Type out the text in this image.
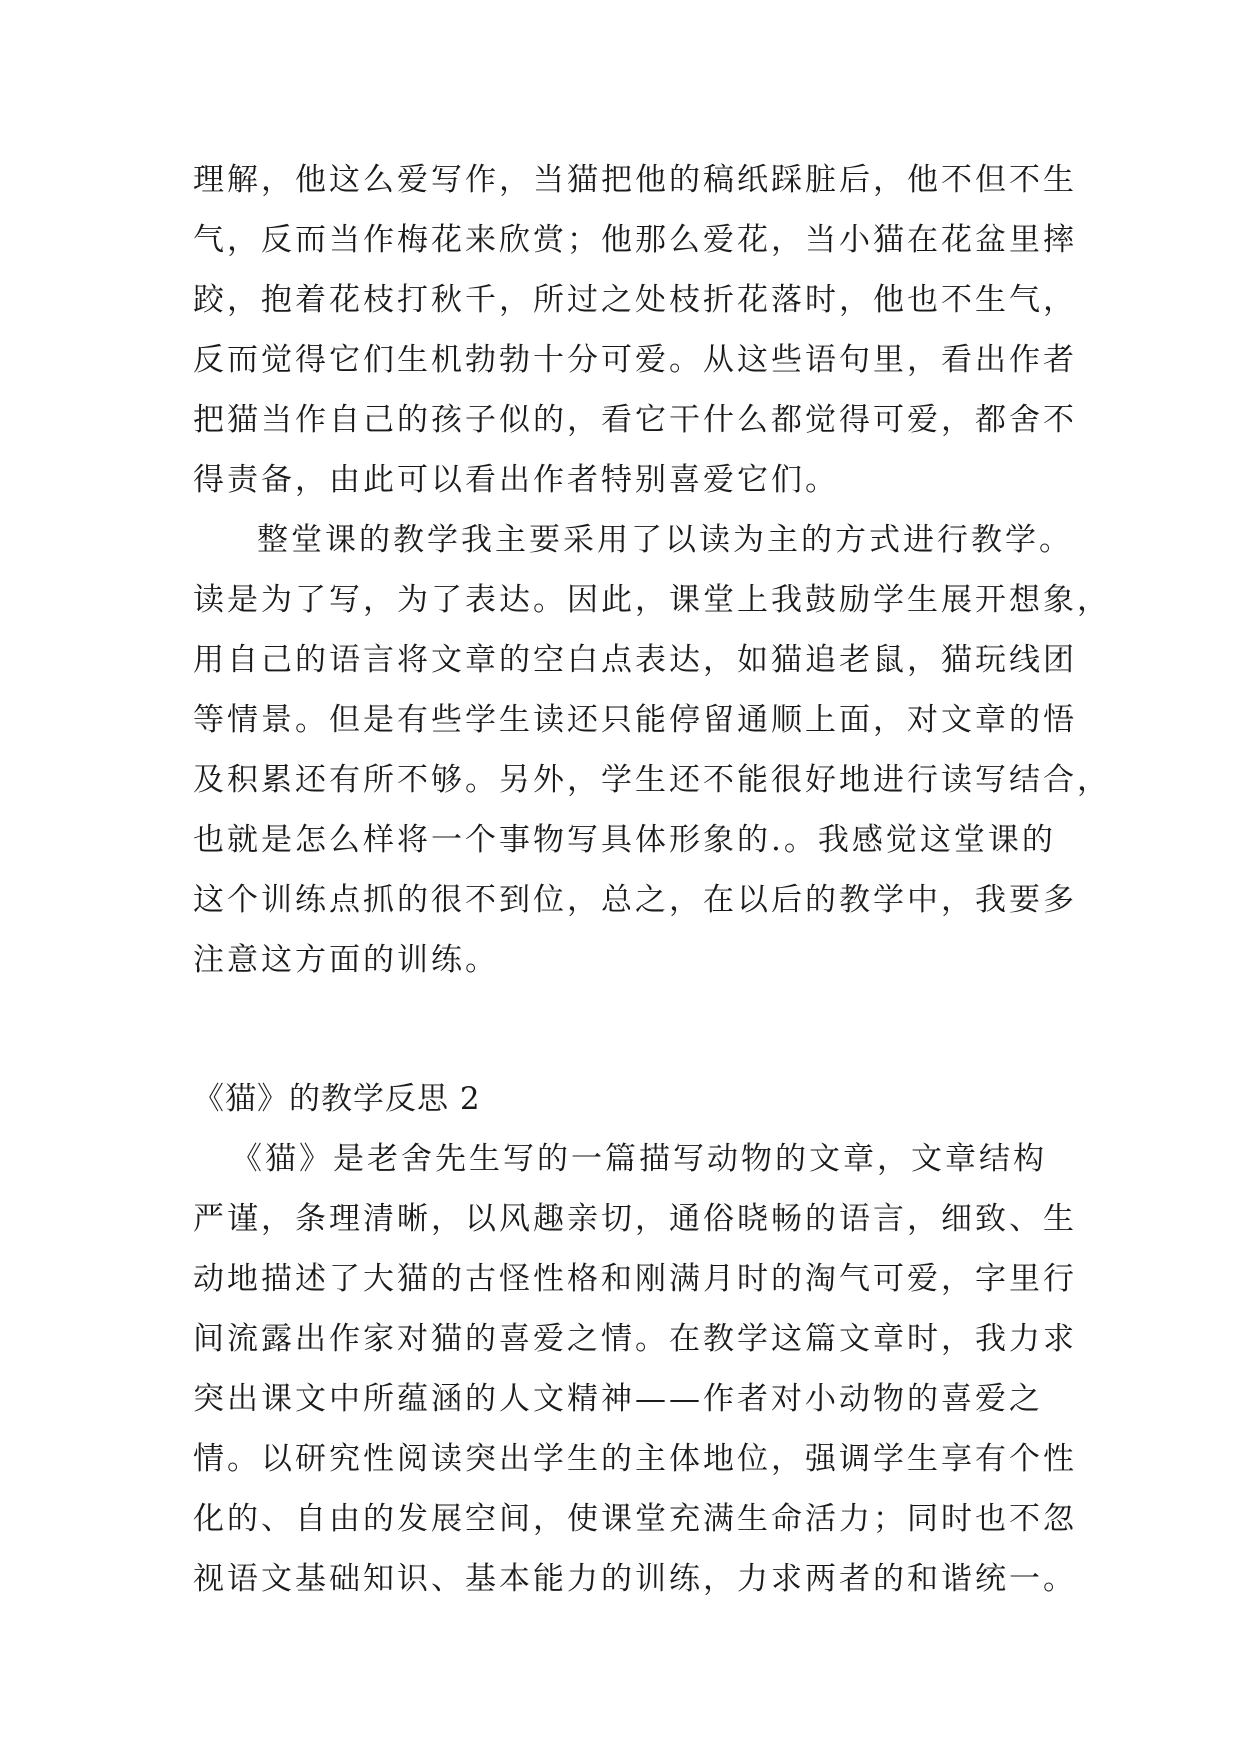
理解，他这么爱写作，当猫把他的稿纸踩脏后，他不但不生
气，反而当作梅花来欣赏；他那么爱花，当小猫在花盆里摔
跤，抱着花枝打秋千，所过之处枝折花落时，他也不生气，
反而觉得它们生机勃勃十分可爱。从这些语句里，看出作者
把猫当作自己的孩子似的，看它干什么都觉得可爱，都舍不
得责备，由此可以看出作者特别喜爱它们。
整堂课的教学我主要采用了以读为主的方式进行教学。
读是为了写，为了表达。因此，课堂上我鼓励学生展开想象，
用自己的语言将文章的空白点表达，如猫追老鼠，猫玩线团
等情景。但是有些学生读还只能停留通顺上面，对文章的悟
及积累还有所不够。另外，学生还不能很好地进行读写结合，
也就是怎么样将一个事物写具体形象的.。我感觉这堂课的
这个训练点抓的很不到位，总之，在以后的教学中，我要多
注意这方面的训练。
《猫》的教学反思 2
《猫》是老舍先生写的一篇描写动物的文章，文章结构
严谨，条理清晰，以风趣亲切，通俗晓畅的语言，细致、生
动地描述了大猫的古怪性格和刚满月时的淘气可爱，字里行
间流露出作家对猫的喜爱之情。在教学这篇文章时，我力求
突出课文中所蕴涵的人文精神——作者对小动物的喜爱之
情。以研究性阅读突出学生的主体地位，强调学生享有个性
化的、自由的发展空间，使课堂充满生命活力；同时也不忽
视语文基础知识、基本能力的训练，力求两者的和谐统一。
